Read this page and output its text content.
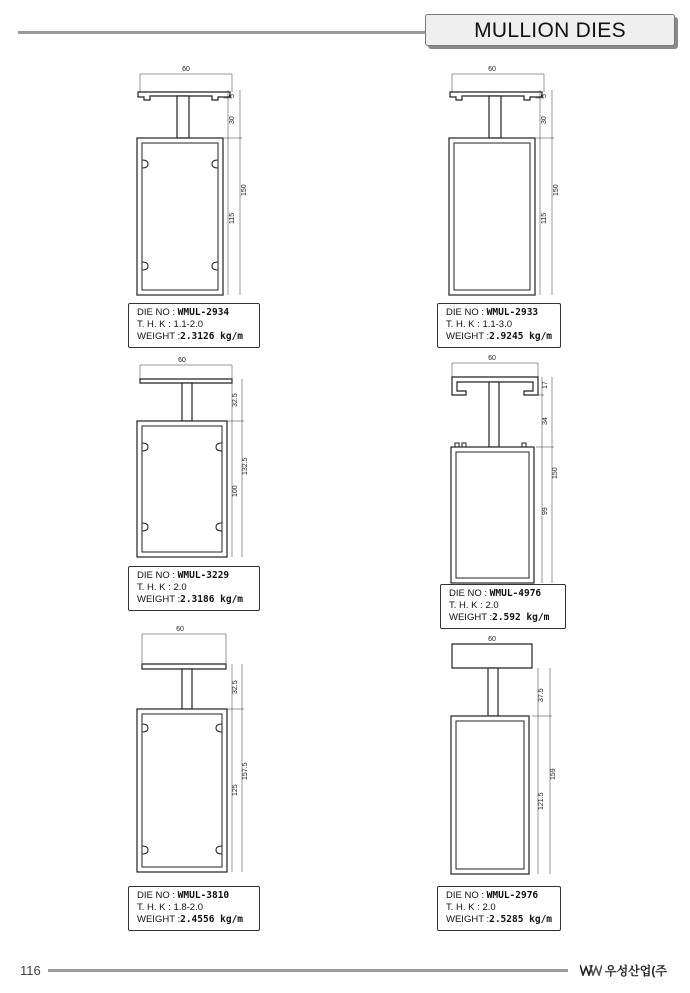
MULLION DIES
60
5
30
115
150
DIE NO : WMUL-2934
T. H. K : 1.1-2.0
WEIGHT :2.3126 kg/m
60
5
30
115
150
DIE NO : WMUL-2933
T. H. K : 1.1-3.0
WEIGHT :2.9245 kg/m
60
32.5
100
132.5
DIE NO : WMUL-3229
T. H. K : 2.0
WEIGHT :2.3186 kg/m
60
17
34
99
150
DIE NO : WMUL-4976
T. H. K : 2.0
WEIGHT :2.592 kg/m
60
32.5
125
157.5
DIE NO : WMUL-3810
T. H. K : 1.8-2.0
WEIGHT :2.4556 kg/m
60
37.5
121.5
159
DIE NO : WMUL-2976
T. H. K : 2.0
WEIGHT :2.5285 kg/m
116	우성산업(주
